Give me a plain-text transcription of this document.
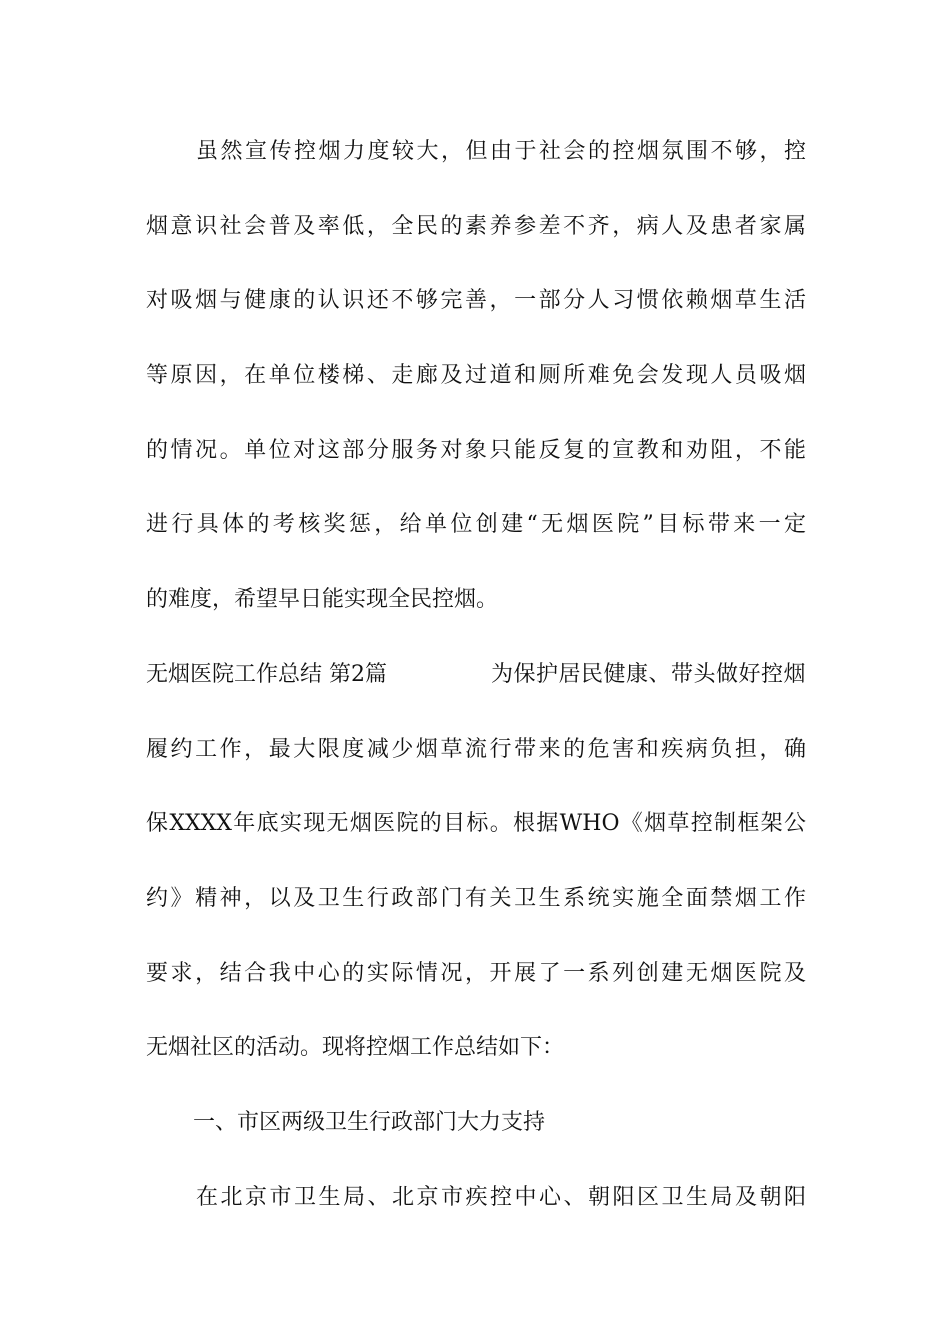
虽然宣传控烟力度较大，但由于社会的控烟氛围不够，控
烟意识社会普及率低，全民的素养参差不齐，病人及患者家属
对吸烟与健康的认识还不够完善，一部分人习惯依赖烟草生活
等原因，在单位楼梯、走廊及过道和厕所难免会发现人员吸烟
的情况。单位对这部分服务对象只能反复的宣教和劝阻，不能
进行具体的考核奖惩，给单位创建“无烟医院”目标带来一定
的难度，希望早日能实现全民控烟。
无烟医院工作总结 第2篇	为保护居民健康、带头做好控烟
履约工作，最大限度减少烟草流行带来的危害和疾病负担，确
保XXXX年底实现无烟医院的目标。根据WHO《烟草控制框架公
约》精神，以及卫生行政部门有关卫生系统实施全面禁烟工作
要求，结合我中心的实际情况，开展了一系列创建无烟医院及
无烟社区的活动。现将控烟工作总结如下：
一、市区两级卫生行政部门大力支持
在北京市卫生局、北京市疾控中心、朝阳区卫生局及朝阳
